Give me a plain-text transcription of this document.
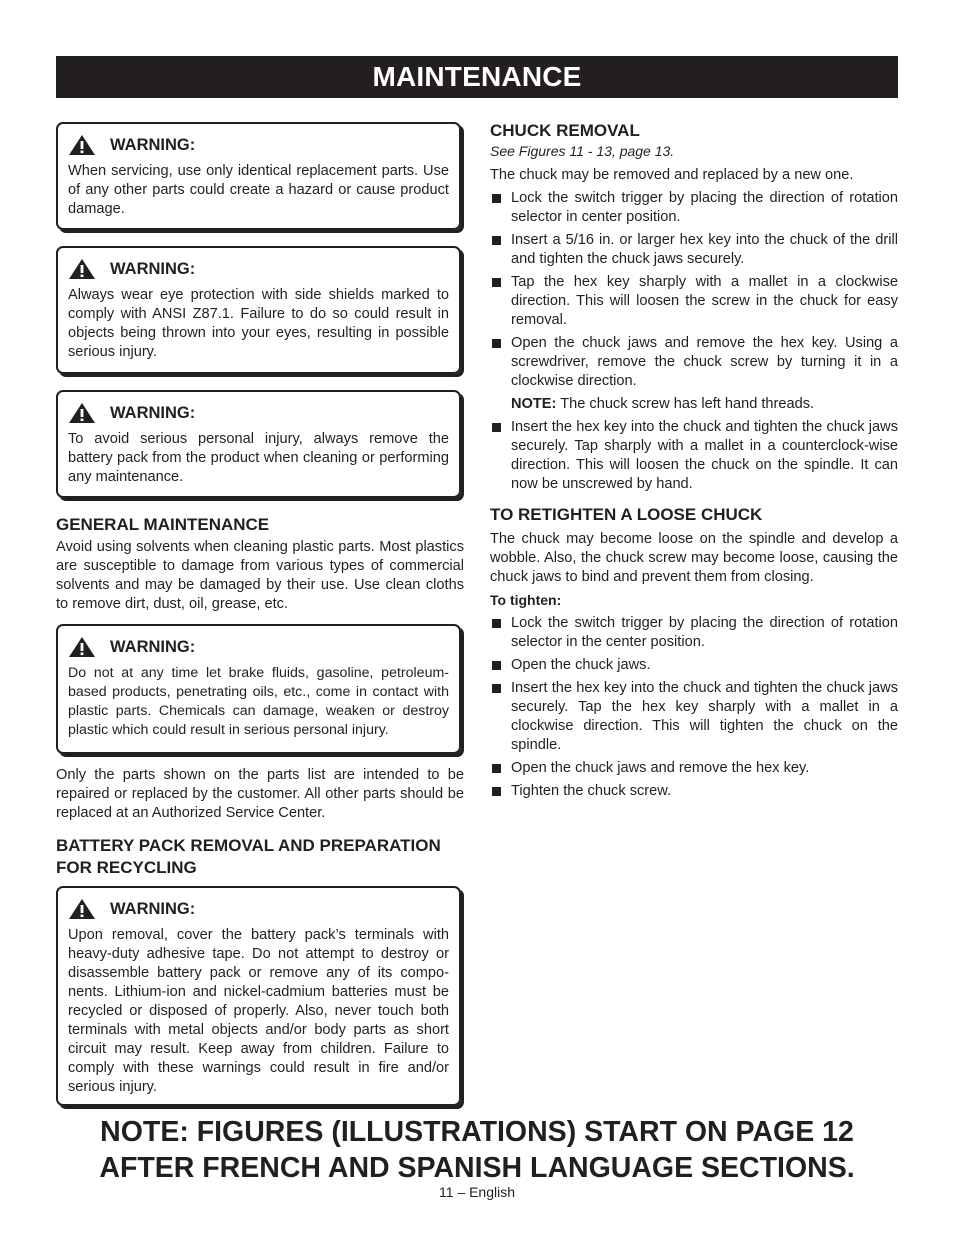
MAINTENANCE
WARNING:

When servicing, use only identical replacement parts. Use of any other parts could create a hazard or cause product damage.

WARNING:

Always wear eye protection with side shields marked to comply with ANSI Z87.1. Failure to do so could result in objects being thrown into your eyes, resulting in possible serious injury.

WARNING:

To avoid serious personal injury, always remove the battery pack from the product when cleaning or performing any maintenance.

GENERAL MAINTENANCE

Avoid using solvents when cleaning plastic parts. Most plastics are susceptible to damage from various types of commercial solvents and may be damaged by their use. Use clean cloths to remove dirt, dust, oil, grease, etc.

WARNING:

Do not at any time let brake fluids, gasoline, petroleum-based products, penetrating oils, etc., come in contact with plastic parts. Chemicals can damage, weaken or destroy plastic which could result in serious personal injury.

Only the parts shown on the parts list are intended to be repaired or replaced by the customer. All other parts should be replaced at an Authorized Service Center.

BATTERY PACK REMOVAL AND PREPARATION FOR RECYCLING

WARNING:

Upon removal, cover the battery pack’s terminals with heavy-duty adhesive tape. Do not attempt to destroy or disassemble battery pack or remove any of its compo-nents. Lithium-ion and nickel-cadmium batteries must be recycled or disposed of properly. Also, never touch both terminals with metal objects and/or body parts as short circuit may result. Keep away from children. Failure to comply with these warnings could result in fire and/or serious injury.

CHUCK REMOVAL

See Figures 11 - 13, page 13.

The chuck may be removed and replaced by a new one.

Lock the switch trigger by placing the direction of rotation selector in center position.
Insert a 5/16 in. or larger hex key into the chuck of the drill and tighten the chuck jaws securely.
Tap the hex key sharply with a mallet in a clockwise direction. This will loosen the screw in the chuck for easy removal.
Open the chuck jaws and remove the hex key. Using a screwdriver, remove the chuck screw by turning it in a clockwise direction.

NOTE: The chuck screw has left hand threads.

Insert the hex key into the chuck and tighten the chuck jaws securely. Tap sharply with a mallet in a counterclock-wise direction. This will loosen the chuck on the spindle. It can now be unscrewed by hand.

TO RETIGHTEN A LOOSE CHUCK

The chuck may become loose on the spindle and develop a wobble. Also, the chuck screw may become loose, causing the chuck jaws to bind and prevent them from closing.

To tighten:

Lock the switch trigger by placing the direction of rotation selector in the center position.
Open the chuck jaws.
Insert the hex key into the chuck and tighten the chuck jaws securely. Tap the hex key sharply with a mallet in a clockwise direction. This will tighten the chuck on the spindle.
Open the chuck jaws and remove the hex key.
Tighten the chuck screw.
NOTE: FIGURES (ILLUSTRATIONS) START ON PAGE 12
AFTER FRENCH AND SPANISH LANGUAGE SECTIONS.
11 – English
